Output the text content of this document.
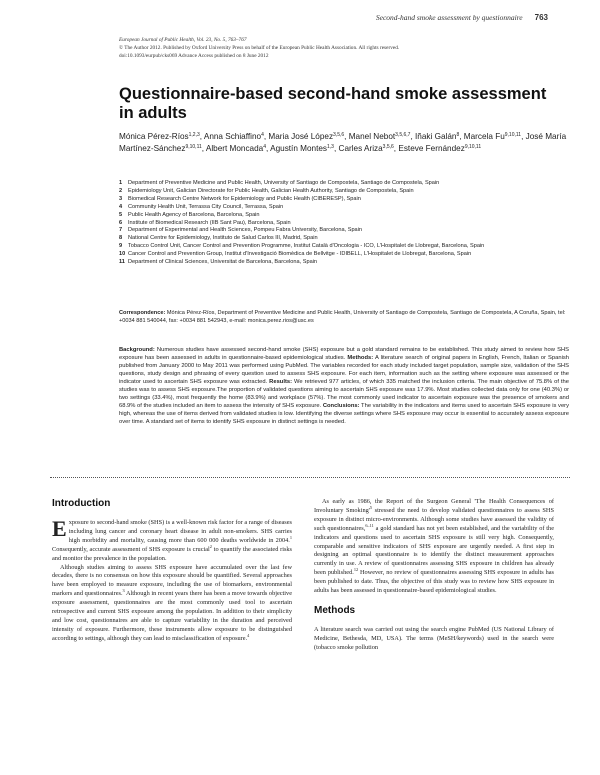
Second-hand smoke assessment by questionnaire 763
European Journal of Public Health, Vol. 23, No. 5, 763–767
© The Author 2012. Published by Oxford University Press on behalf of the European Public Health Association. All rights reserved.
doi:10.1093/eurpub/cks069 Advance Access published on 8 June 2012
Questionnaire-based second-hand smoke assessment in adults
Mónica Pérez-Ríos$^{1,2,3}$, Anna Schiaffino$^4$, Maria José López$^{3,5,6}$, Manel Nebot$^{3,5,6,7}$, Iñaki Galán$^8$, Marcela Fu$^{9,10,11}$, José María Martínez-Sánchez$^{9,10,11}$, Albert Moncada$^4$, Agustín Montes$^{1,3}$, Carles Ariza$^{3,5,6}$, Esteve Fernández$^{9,10,11}$
1	Department of Preventive Medicine and Public Health, University of Santiago de Compostela, Santiago de Compostela, Spain
2	Epidemiology Unit, Galician Directorate for Public Health, Galician Health Authority, Santiago de Compostela, Spain
3	Biomedical Research Centre Network for Epidemiology and Public Health (CIBERESP), Spain
4	Community Health Unit, Terrassa City Council, Terrassa, Spain
5	Public Health Agency of Barcelona, Barcelona, Spain
6	Institute of Biomedical Research (IIB Sant Pau), Barcelona, Spain
7	Department of Experimental and Health Sciences, Pompeu Fabra University, Barcelona, Spain
8	National Centre for Epidemiology, Instituto de Salud Carlos III, Madrid, Spain
9	Tobacco Control Unit, Cancer Control and Prevention Programme, Institut Català d'Oncologia - ICO, L'Hospitalet de Llobregat, Barcelona, Spain
10 Cancer Control and Prevention Group, Institut d'Investigació Biomèdica de Bellvitge - IDIBELL, L'Hospitalet de Llobregat, Barcelona, Spain
11 Department of Clinical Sciences, Universitat de Barcelona, Barcelona, Spain
Correspondence: Mónica Pérez-Ríos, Department of Preventive Medicine and Public Health, University of Santiago de Compostela, Santiago de Compostela, A Coruña, Spain, tel: +0034 881 540044, fax: +0034 881 542943, e-mail: monica.perez.rios@usc.es
Background: Numerous studies have assessed second-hand smoke (SHS) exposure but a gold standard remains to be established. This study aimed to review how SHS exposure has been assessed in adults in questionnaire-based epidemiological studies. Methods: A literature search of original papers in English, French, Italian or Spanish published from January 2000 to May 2011 was performed using PubMed. The variables recorded for each study included target population, sample size, validation of the SHS questions, study design and phrasing of every question used to assess SHS exposure. For each item, information such as the setting where exposure was assessed or the indicator used to ascertain SHS exposure was extracted. Results: We retrieved 977 articles, of which 335 matched the inclusion criteria. The main objective of 75.8% of the studies was to assess SHS exposure.The proportion of validated questions aiming to ascertain SHS exposure was 17.9%. Most studies collected data only for one (40.3%) or two settings (33.4%), most frequently the home (83.9%) and workplace (57%). The most commonly used indicator to ascertain exposure was the presence of smokers and 68.9% of the studies included an item to assess the intensity of SHS exposure. Conclusions: The variability in the indicators and items used to ascertain SHS exposure is very high, whereas the use of items derived from validated studies is low. Identifying the diverse settings where SHS exposure may occur is essential to accurately assess exposure over time. A standard set of items to identify SHS exposure in distinct settings is needed.
Introduction

Exposure to second-hand smoke (SHS) is a well-known risk factor for a range of diseases including lung cancer and coronary heart disease in adult non-smokers. SHS carries high morbidity and mortality, causing more than 600 000 deaths worldwide in 2004.$^1$ Consequently, accurate assessment of SHS exposure is crucial$^2$ to quantify the associated risks and monitor the prevalence in the population.

Although studies aiming to assess SHS exposure have accumulated over the last few decades, there is no consensus on how this exposure should be quantified. Several approaches have been employed to measure exposure, including the use of biomarkers, environmental markers and questionnaires.$^3$ Although in recent years there has been a move towards objective exposure assessment, questionnaires are the most commonly used tool to ascertain retrospective and current SHS exposure among the population. In addition to their simplicity and low cost, questionnaires are able to capture variability in the duration and perceived intensity of exposure. Furthermore, these instruments allow exposure to be distinguished according to settings, although they can lead to misclassification of exposure.$^4$

As early as 1986, the Report of the Surgeon General 'The Health Consequences of Involuntary $Smoking'^5$ stressed the need to develop validated questionnaires to assess SHS exposure in distinct micro-environments. Although some studies have assessed the validity of such questionnaires,$^{6-11}$ a gold standard has not yet been established, and the variability of the indicators and questions used to ascertain SHS exposure is still very high. Consequently, comparable and sensitive indicators of SHS exposure are urgently needed. A first step in designing an optimal questionnaire is to identify the distinct measurement approaches currently in use. A review of questionnaires assessing SHS exposure in children has already been published.$^{12}$ However, no review of questionnaires assessing SHS exposure in adults has been published to date. Thus, the objective of this study was to review how SHS exposure in adults has been assessed in questionnaire-based epidemiological studies.

Methods

A literature search was carried out using the search engine PubMed (US National Library of Medicine, Bethesda, MD, USA). The terms (MeSH/keywords) used in the search were (tobacco smoke pollution
